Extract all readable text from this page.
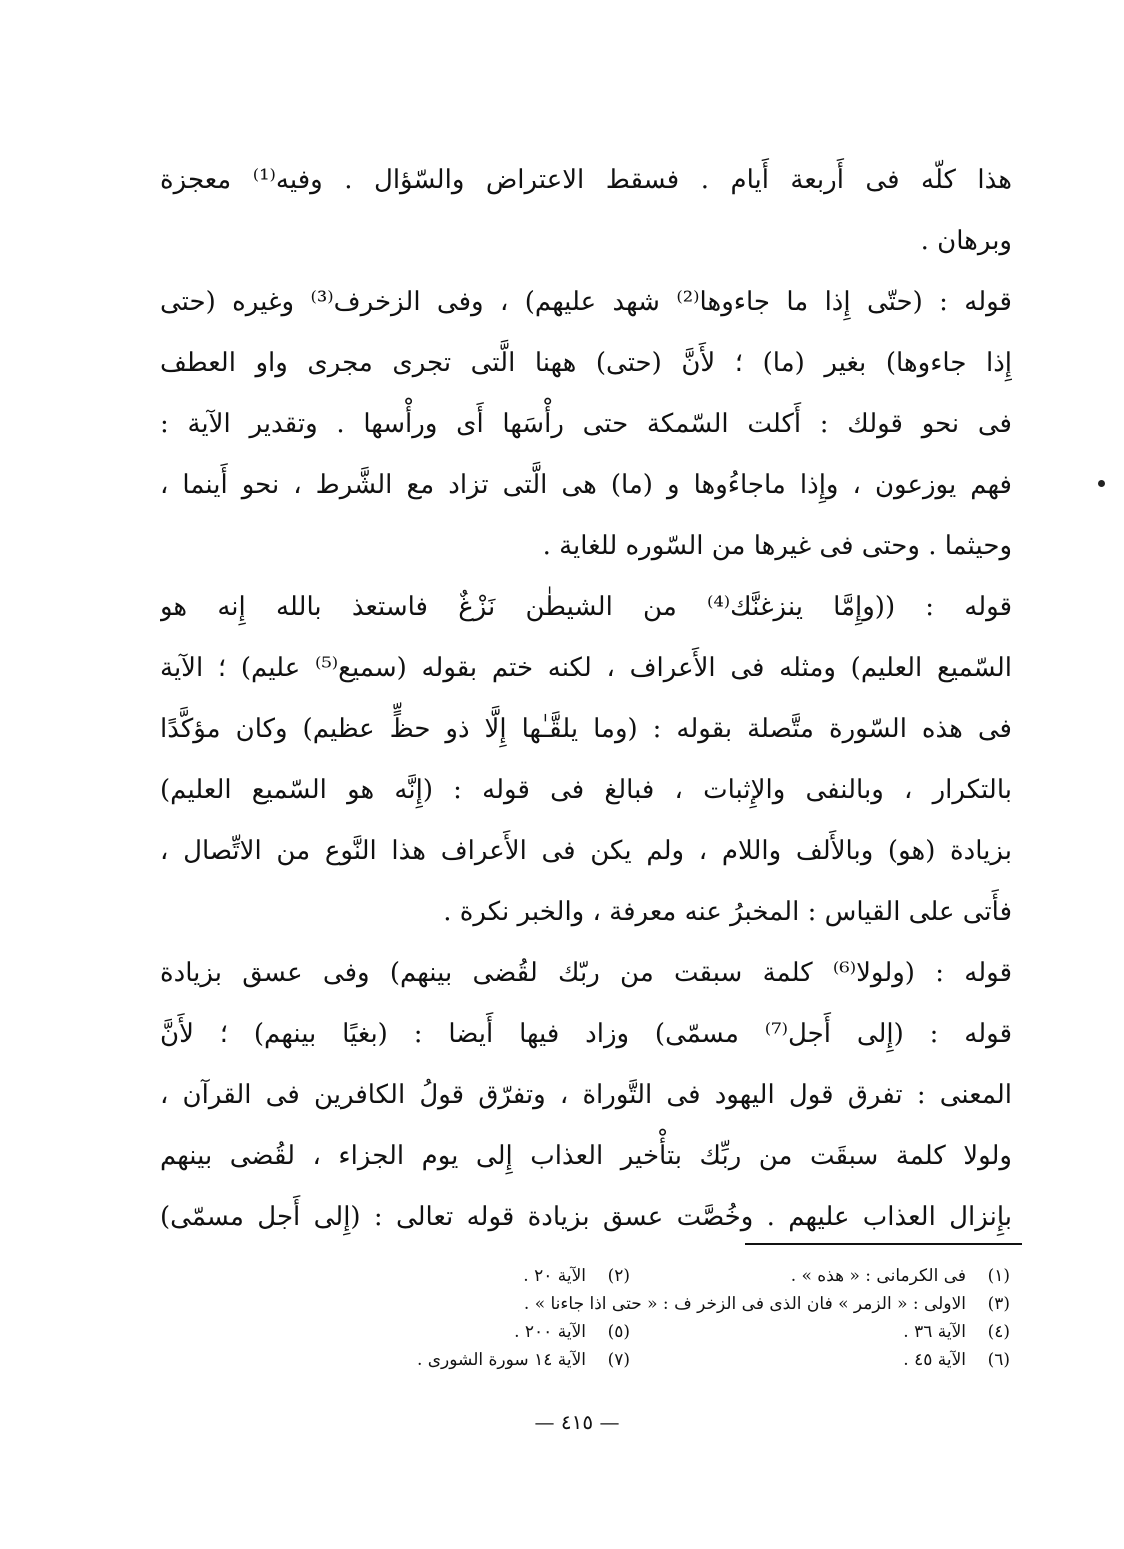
هذا كلّه فى أَربعة أَيام . فسقط الاعتراض والسّؤال . وفيه⁽¹⁾ معجزة
وبرهان .
قوله : (حتّى إِذا ما جاءوها⁽²⁾ شهد عليهم) ، وفى الزخرف⁽³⁾ وغيره (حتى
إِذا جاءوها) بغير (ما) ؛ لأَنَّ (حتى) ههنا الَّتى تجرى مجرى واو العطف
فى نحو قولك : أَكلت السّمكة حتى رأْسَها أَى ورأْسها . وتقدير الآية :
فهم يوزعون ، وإِذا ماجاءُوها و (ما) هى الَّتى تزاد مع الشَّرط ، نحو أَينما ،
وحيثما . وحتى فى غيرها من السّوره للغاية .
قوله : ((وإِمَّا ينزغنَّك⁽⁴⁾ من الشيطٰن نَزْغٌ فاستعذ بالله إِنه هو
السّميع العليم) ومثله فى الأَعراف ، لكنه ختم بقوله (سميع⁽⁵⁾ عليم) ؛ الآية
فى هذه السّورة متَّصلة بقوله : (وما يلقَّـٰها إِلَّا ذو حظٍّ عظيم) وكان مؤكَّدًا
بالتكرار ، وبالنفى والإِثبات ، فبالغ فى قوله : (إِنَّه هو السّميع العليم)
بزيادة (هو) وبالأَلف واللام ، ولم يكن فى الأَعراف هذا النَّوع من الاتِّصال ،
فأَتى على القياس : المخبرُ عنه معرفة ، والخبر نكرة .
قوله : (ولولا⁽⁶⁾ كلمة سبقت من ربّك لقُضى بينهم) وفى عسق بزيادة
قوله : (إِلى أَجل⁽⁷⁾ مسمّى) وزاد فيها أَيضا : (بغيًا بينهم) ؛ لأَنَّ
المعنى : تفرق قول اليهود فى التَّوراة ، وتفرّق قولُ الكافرين فى القرآن ،
ولولا كلمة سبقَت من ربِّك بتأْخير العذاب إِلى يوم الجزاء ، لقُضى بينهم
بإِنزال العذاب عليهم . وخُصَّت عسق بزيادة قوله تعالى : (إِلى أَجل مسمّى)
(١)
فى الكرمانى : « هذه » .
(٢)
الآية ٢٠ .
(٣)
الاولى : « الزمر » فان الذى فى الزخر ف : « حتى اذا جاءنا » .
(٤)
الآية ٣٦ .
(٥)
الآية ٢٠٠ .
(٦)
الآية ٤٥ .
(٧)
الآية ١٤ سورة الشورى .
— ٤١٥ —
